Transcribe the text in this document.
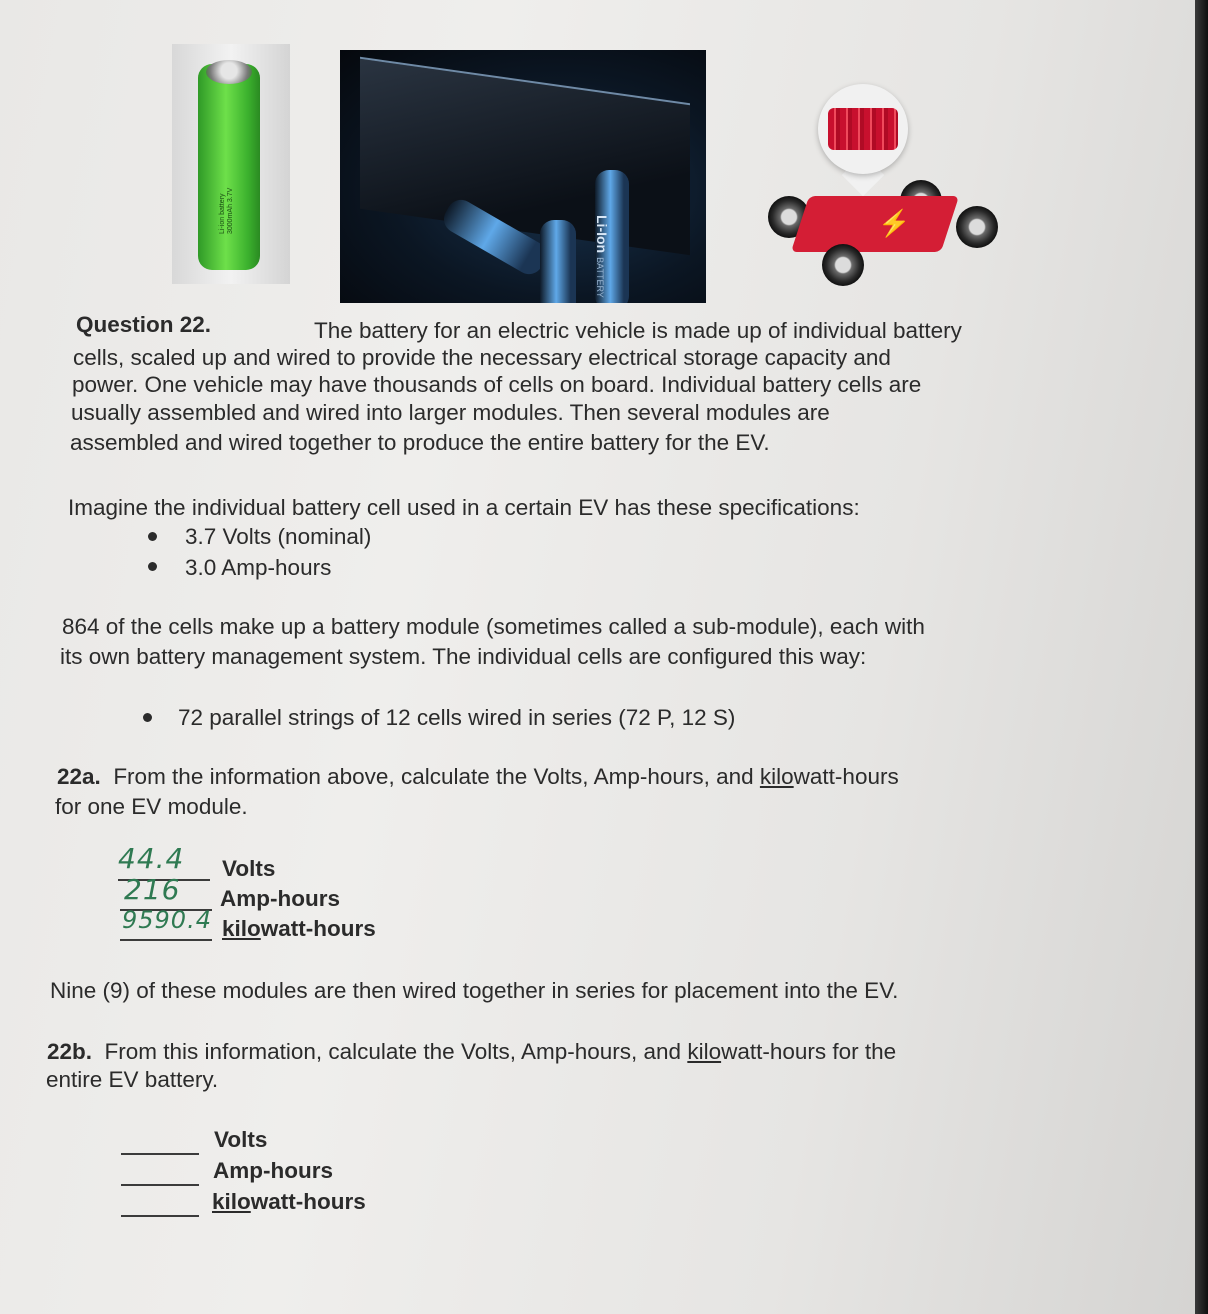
Li-ion battery 3000mAh 3.7V
Li-IonBATTERY
⚡
Question 22.	The battery for an electric vehicle is made up of individual battery
cells, scaled up and wired to provide the necessary electrical storage capacity and
power. One vehicle may have thousands of cells on board. Individual battery cells are
usually assembled and wired into larger modules. Then several modules are
assembled and wired together to produce the entire battery for the EV.
Imagine the individual battery cell used in a certain EV has these specifications:
3.7 Volts (nominal)
3.0 Amp-hours
864 of the cells make up a battery module (sometimes called a sub-module), each with
its own battery management system. The individual cells are configured this way:
72 parallel strings of 12 cells wired in series (72 P, 12 S)
22a. From the information above, calculate the Volts, Amp-hours, and kilowatt-hours
for one EV module.
44.4 Volts
216 Amp-hours
9590.4 kilowatt-hours
Nine (9) of these modules are then wired together in series for placement into the EV.
22b. From this information, calculate the Volts, Amp-hours, and kilowatt-hours for the
entire EV battery.
Volts
Amp-hours
kilowatt-hours
